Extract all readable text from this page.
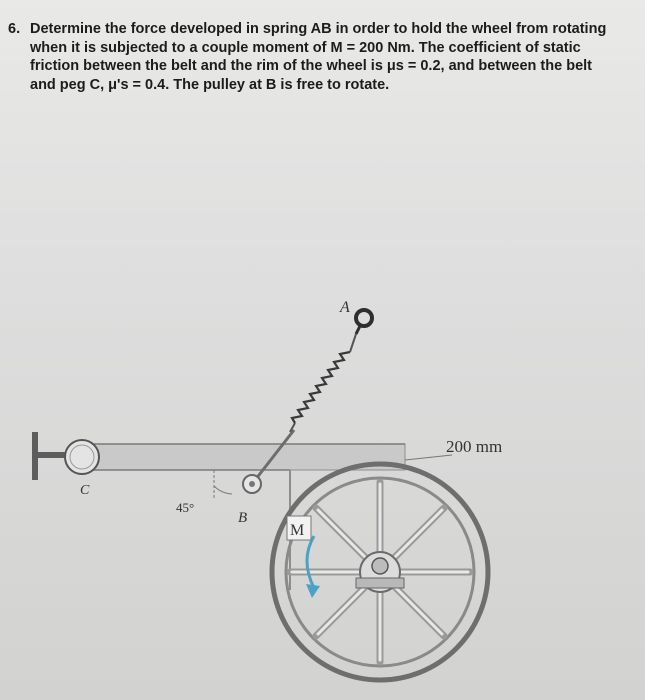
6. Determine the force developed in spring AB in order to hold the wheel from rotating
when it is subjected to a couple moment of M = 200 Nm. The coefficient of static
friction between the belt and the rim of the wheel is μs = 0.2, and between the belt
and peg C, μ's = 0.4. The pulley at B is free to rotate.
C
A
B
45°
M
200 mm
